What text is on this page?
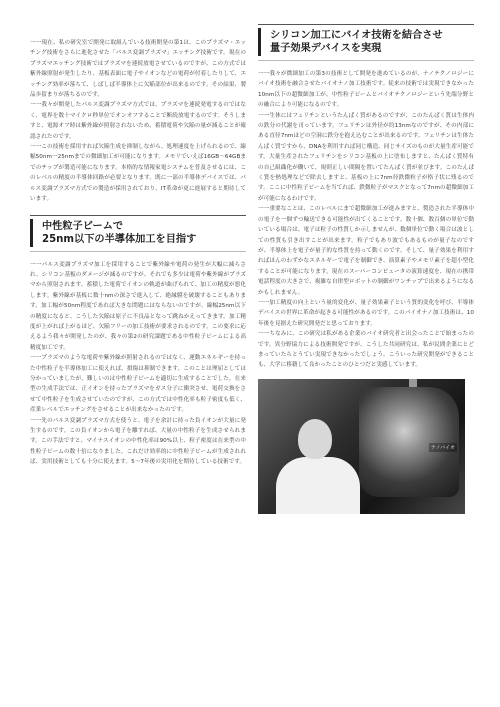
一一現在、私の研究室で開発に取組んでいる技術開発の第1は、このプラズマ・エッチング技術をさらに進化させた「パルス変調プラズマ」エッチング技術です。現在のプラズマエッチング技術ではプラズマを連続放電させているのですが、この方式では紫外線照射が発生したり、基板表面に電子やイオンなどの電荷が付着したりして、エッチング効率が落ちて、しばしば半導体上に欠陥部位が出来るのです。その結果、製品歩留まりが落ちるのです。

一一我々が開発したパルス変調プラズマ方式では、プラズマを連続発電するのではなく、電界を数十マイクロ秒単位でオンオフすることで断続放電するのです。そうしますと、電源オフ時は紫外線が照射されないため、蓄積電荷や欠陥の量が減ることが確認されたのです。

一一この技術を採用すれば欠陥生成を抑制しながら、処理速度を上げられるので、線幅50nm一25nmまでの微細加工が可能になります。メモリでいえば16GB〜64GBまでのチップが製造可能になります。本格的な情報家電システムを普及させるには、このレベルの精度の半導体回路が必要となります。既に一部の半導体デバイスでは、パルス変調プラズマ方式での製造が採用されており、IT革命が更に進展すると期待しています。

中性粒子ビームで
25nm以下の半導体加工を目指す

一一パルス変調プラズマ加工を採用することで紫外線や電荷の発生が大幅に減らされ、シリコン基板のダメージが減るのですが、それでも多少は電荷や紫外線がプラズマから照射されます。蓄積した電荷でイオンの軌道が曲げられて、加工の精度が悪化します。紫外線が基板に数十nmの深さで進入して、絶縁膜を破壊することもあります。加工幅が50nm程度であれば大きな問題にはならないのですが、線幅25nm以下の精度になると、こうした欠陥は原子に不良品となって跳ねかえってきます。加工精度が上がれば上がるほど、欠陥フリーの加工技術が要求されるのです。この要求に応えるよう我々が開発したのが、我々の第2の研究課題である中性粒子ビームによる高精度加工です。

一一プラズマのような電荷や紫外線が照射されるのではなく、運動エネルギーを持った中性粒子を半導体加工に使えれば、損傷は抑制できます。このことは理屈としては分かっていましたが、難しいのは中性粒子ビームを適切に生成することでした。在来型の生成手法では、正イオンを持ったプラズマをガス分子に衝突させ、電荷交換をさせて中性粒子を生成させていたのですが、この方式では中性化率も粒子密度も低く、産業レベルでエッチングをさせることが出来なかったのです。

一一先のパルス変調プラズマ方式を使うと、電子を余計に持った負イオンが大量に発生するのです。この負イオンから電子を離すれば、大量の中性粒子を生成させられます。この手法ですと、マイナスイオンの中性化率は90%以上、粒子密度は在来型の中性粒子ビームの数十倍になりました。これだけ効率的に中性粒子ビームが生成されれば、実用技術としても十分に使えます。5〜7年後の実用化を期待している技術です。

シリコン加工にバイオ技術を結合させ
量子効果デバイスを実現

一一我々が微細加工の第3の技術として開発を進めているのが、ナノテクノロジーにバイオ技術を融合させたバイオナノ加工技術です。従来の技術では実現できなかった10nm以下の超微細加工が、中性粒子ビームとバイオテクノロジーという先端分野との融合により可能になるのです。

一一生体にはフェリチンというたんぱく質があるのですが、このたんぱく質は生体内の鉄分の代謝を司っています。フェリチンは外径が約13nmなのですが、その内部にある直径7nmほどの空洞に鉄分を抱え込むことが出来るのです。フェリチンは生体たんぱく質ですから、DNAを利用すれば同じ構造、同じサイズのものが大量生産可能です。大量生産されたフェリチンをシリコン基板の上に塗布しますと、たんぱく質特有の自己組織化が働いて、規則正しい間隔を置いてたんぱく質が並びます。このたんぱく質を熱処理などで除去しますと、基板の上に7nm径鉄微粒子が格子状に残るのです。ここに中性粒子ビームを当てれば、鉄微粒子がマスクとなって7nmの超微細加工が可能になるわけです。

一一重要なことは、このレベルにまで超微細加工が進みますと、製造された半導体中の電子を一個ずつ輸送できる可能性が出てくることです。数十個、数百個の単位で動いている場合は、電子は粒子の性質しか示しませんが、数個単位で動く場合は波としての性質も引き出すことが出来ます。粒子でもあり波でもあるものが量子なのですが、半導体上を電子が量子的な性質を持って動くのです。そして、量子効果を利用すればほんのわずかなエネルギーで電子を制御でき、演算素子やメモリ素子を超小型化することが可能になります。現在のスーパーコンピュータの演算速度を、現在の携帯電話程度の大きさで、複雑な自律型ロボットの制御がワンチップで出来るようになるかもしれません。

一一加工精度の向上という量的変化が、量子効果素子という質的変化を呼び、半導体デバイスの世界に革命が起きる可能性があるのです。このバイオナノ加工技術は、10年後を見据えた研究開発だと思っております。

一一ちなみに、この研究は私がある企業のバイオ研究者と出会ったことで始まったのです。異分野協力による技術開発ですが、こうした共同研究は、私が民間企業にとどまっていたらとうてい実現できなかったでしょう。こういった研究開発ができることも、大学に移籍して良かったことのひとつだと実感しています。

ナノバイオ
